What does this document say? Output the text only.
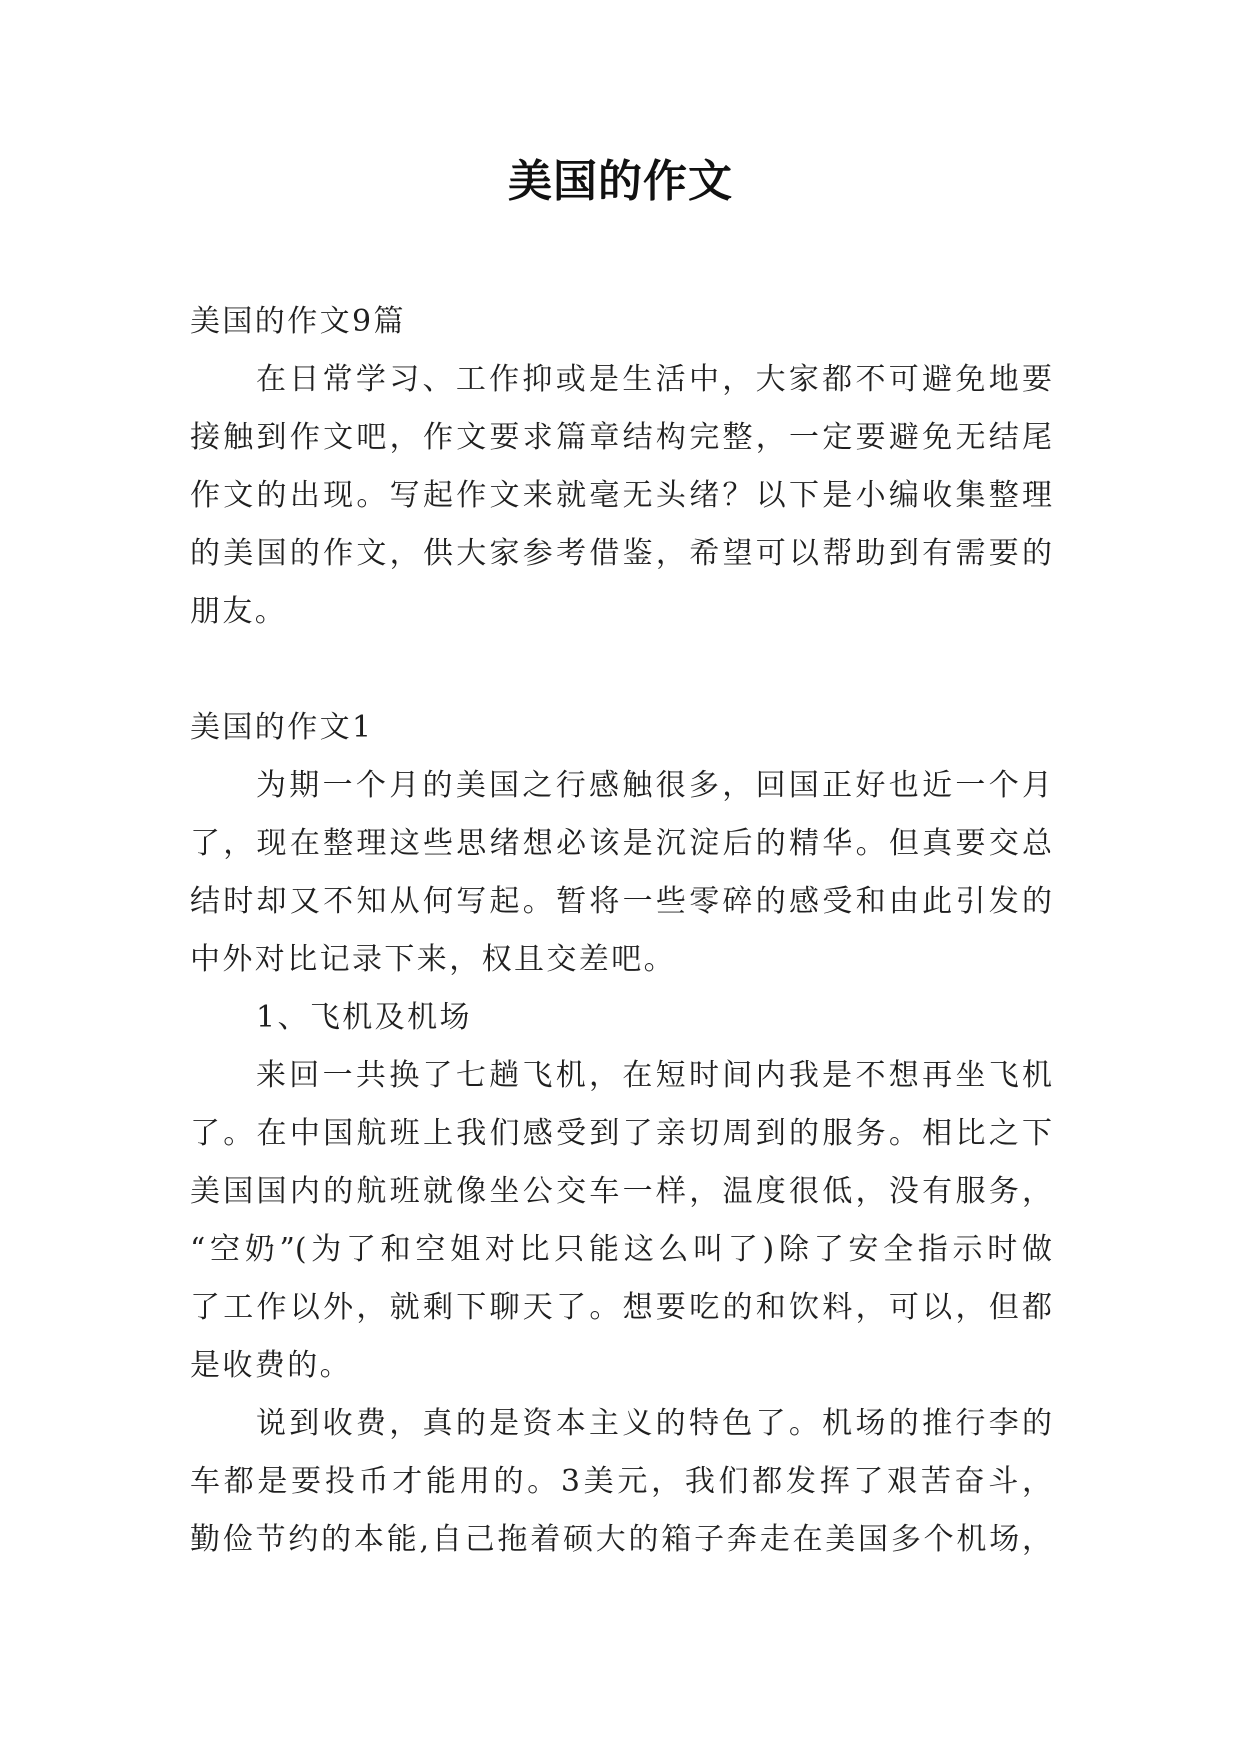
美国的作文
美国的作文9篇
在日常学习、工作抑或是生活中，大家都不可避免地要
接触到作文吧，作文要求篇章结构完整，一定要避免无结尾
作文的出现。写起作文来就毫无头绪？以下是小编收集整理
的美国的作文，供大家参考借鉴，希望可以帮助到有需要的
朋友。
美国的作文1
为期一个月的美国之行感触很多，回国正好也近一个月
了，现在整理这些思绪想必该是沉淀后的精华。但真要交总
结时却又不知从何写起。暂将一些零碎的感受和由此引发的
中外对比记录下来，权且交差吧。
1、飞机及机场
来回一共换了七趟飞机，在短时间内我是不想再坐飞机
了。在中国航班上我们感受到了亲切周到的服务。相比之下
美国国内的航班就像坐公交车一样，温度很低，没有服务，
“空奶”(为了和空姐对比只能这么叫了)除了安全指示时做
了工作以外，就剩下聊天了。想要吃的和饮料，可以，但都
是收费的。
说到收费，真的是资本主义的特色了。机场的推行李的
车都是要投币才能用的。3美元，我们都发挥了艰苦奋斗，
勤俭节约的本能,自己拖着硕大的箱子奔走在美国多个机场，
